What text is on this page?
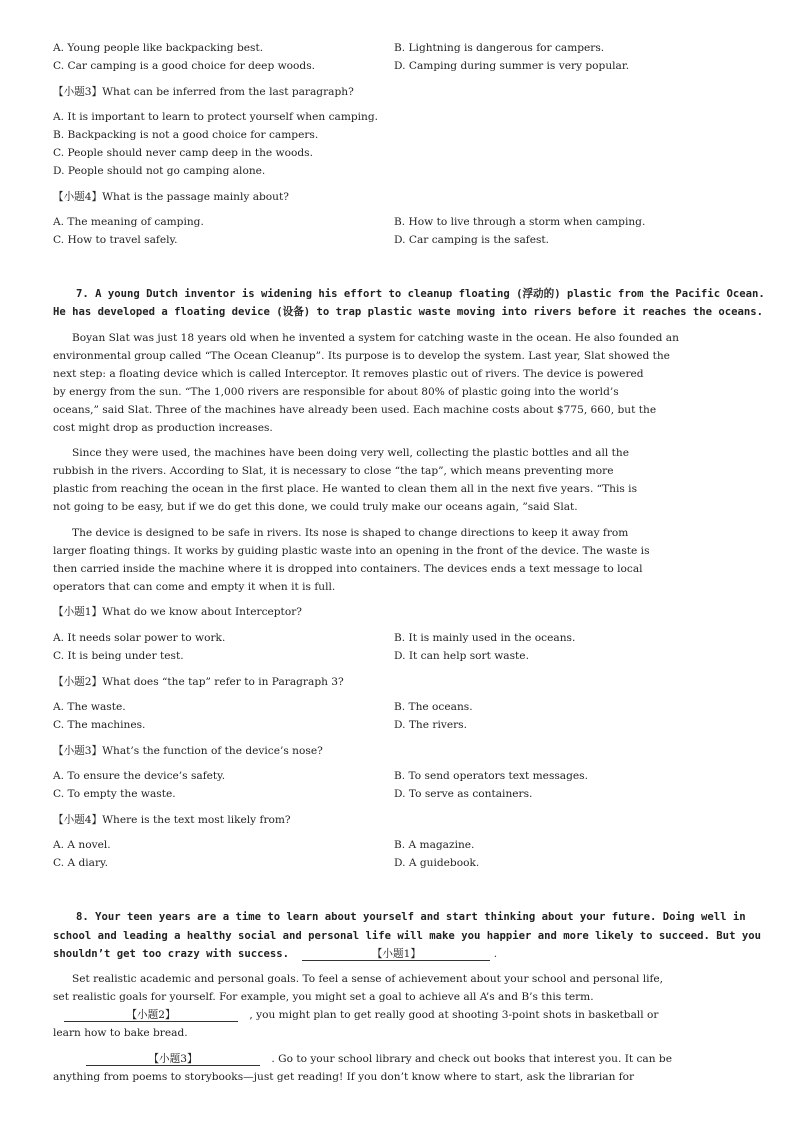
A. Young people like backpacking best.	B. Lightning is dangerous for campers.
C. Car camping is a good choice for deep woods.	D. Camping during summer is very popular.
【小题3】What can be inferred from the last paragraph?
A. It is important to learn to protect yourself when camping.
B. Backpacking is not a good choice for campers.
C. People should never camp deep in the woods.
D. People should not go camping alone.
【小题4】What is the passage mainly about?
A. The meaning of camping.	B. How to live through a storm when camping.
C. How to travel safely.	D. Car camping is the safest.
7. A young Dutch inventor is widening his effort to cleanup floating (浮动的) plastic from the Pacific Ocean.
He has developed a floating device (设备) to trap plastic waste moving into rivers before it reaches the oceans.
Boyan Slat was just 18 years old when he invented a system for catching waste in the ocean. He also founded an
environmental group called “The Ocean Cleanup”. Its purpose is to develop the system. Last year, Slat showed the
next step: a floating device which is called Interceptor. It removes plastic out of rivers. The device is powered
by energy from the sun. “The 1,000 rivers are responsible for about 80% of plastic going into the world’s
oceans,” said Slat. Three of the machines have already been used. Each machine costs about $775, 660, but the
cost might drop as production increases.
Since they were used, the machines have been doing very well, collecting the plastic bottles and all the
rubbish in the rivers. According to Slat, it is necessary to close “the tap”, which means preventing more
plastic from reaching the ocean in the first place. He wanted to clean them all in the next five years. “This is
not going to be easy, but if we do get this done, we could truly make our oceans again, ”said Slat.
The device is designed to be safe in rivers. Its nose is shaped to change directions to keep it away from
larger floating things. It works by guiding plastic waste into an opening in the front of the device. The waste is
then carried inside the machine where it is dropped into containers. The devices ends a text message to local
operators that can come and empty it when it is full.
【小题1】What do we know about Interceptor?
A. It needs solar power to work.	B. It is mainly used in the oceans.
C. It is being under test.	D. It can help sort waste.
【小题2】What does “the tap” refer to in Paragraph 3?
A. The waste.	B. The oceans.
C. The machines.	D. The rivers.
【小题3】What’s the function of the device’s nose?
A. To ensure the device’s safety.	B. To send operators text messages.
C. To empty the waste.	D. To serve as containers.
【小题4】Where is the text most likely from?
A. A novel.	B. A magazine.
C. A diary.	D. A guidebook.
8. Your teen years are a time to learn about yourself and start thinking about your future. Doing well in
school and leading a healthy social and personal life will make you happier and more likely to succeed. But you
shouldn’t get too crazy with success.	【小题1】	.
Set realistic academic and personal goals. To feel a sense of achievement about your school and personal life,
set realistic goals for yourself. For example, you might set a goal to achieve all A’s and B’s this term.
【小题2】	, you might plan to get really good at shooting 3-point shots in basketball or
learn how to bake bread.
【小题3】	. Go to your school library and check out books that interest you. It can be
anything from poems to storybooks—just get reading! If you don’t know where to start, ask the librarian for
